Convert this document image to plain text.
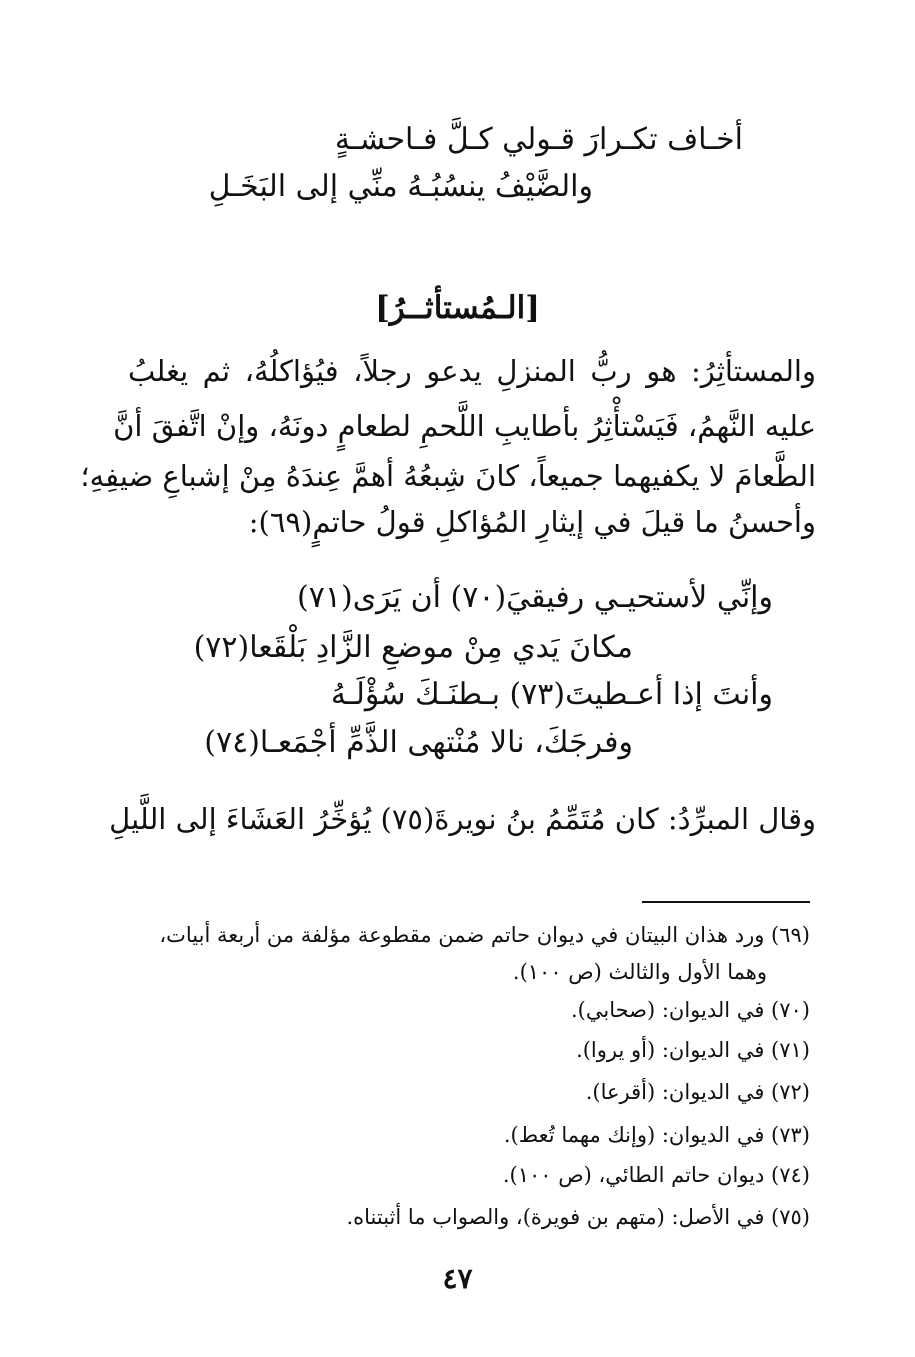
أخـاف تكـرارَ قـولي كـلَّ فـاحشـةٍ
والضَّيْفُ ينسُبُـهُ منِّي إلى البَخَـلِ
[الـمُستأثــرُ]
والمستأثِرُ: هو ربُّ المنزلِ يدعو رجلاً، فيُؤاكلُهُ، ثم يغلبُ
عليه النَّهمُ، فَيَسْتأْثِرُ بأطايبِ اللَّحمِ لطعامٍ دونَهُ، وإنْ اتَّفقَ أنَّ
الطَّعامَ لا يكفيهما جميعاً، كانَ شِبعُهُ أهمَّ عِندَهُ مِنْ إشباعِ ضيفِهِ؛
وأحسنُ ما قيلَ في إيثارِ المُؤاكلِ قولُ حاتمٍ(٦٩):
وإنِّي لأستحيـي رفيقيَ(٧٠) أن يَرَى(٧١)
مكانَ يَدي مِنْ موضعِ الزَّادِ بَلْقَعا(٧٢)
وأنتَ إذا أعـطيتَ(٧٣) بـطنَـكَ سُؤْلَـهُ
وفرجَكَ، نالا مُنْتهى الذَّمِّ أجْمَعـا(٧٤)
وقال المبرِّدُ: كان مُتَمِّمُ بنُ نويرةَ(٧٥) يُؤخِّرُ العَشَاءَ إلى اللَّيلِ
(٦٩) ورد هذان البيتان في ديوان حاتم ضمن مقطوعة مؤلفة من أربعة أبيات،
وهما الأول والثالث (ص ١٠٠).
(٧٠) في الديوان: (صحابي).
(٧١) في الديوان: (أو يروا).
(٧٢) في الديوان: (أقرعا).
(٧٣) في الديوان: (وإنك مهما تُعط).
(٧٤) ديوان حاتم الطائي، (ص ١٠٠).
(٧٥) في الأصل: (متهم بن فويرة)، والصواب ما أثبتناه.
٤٧
